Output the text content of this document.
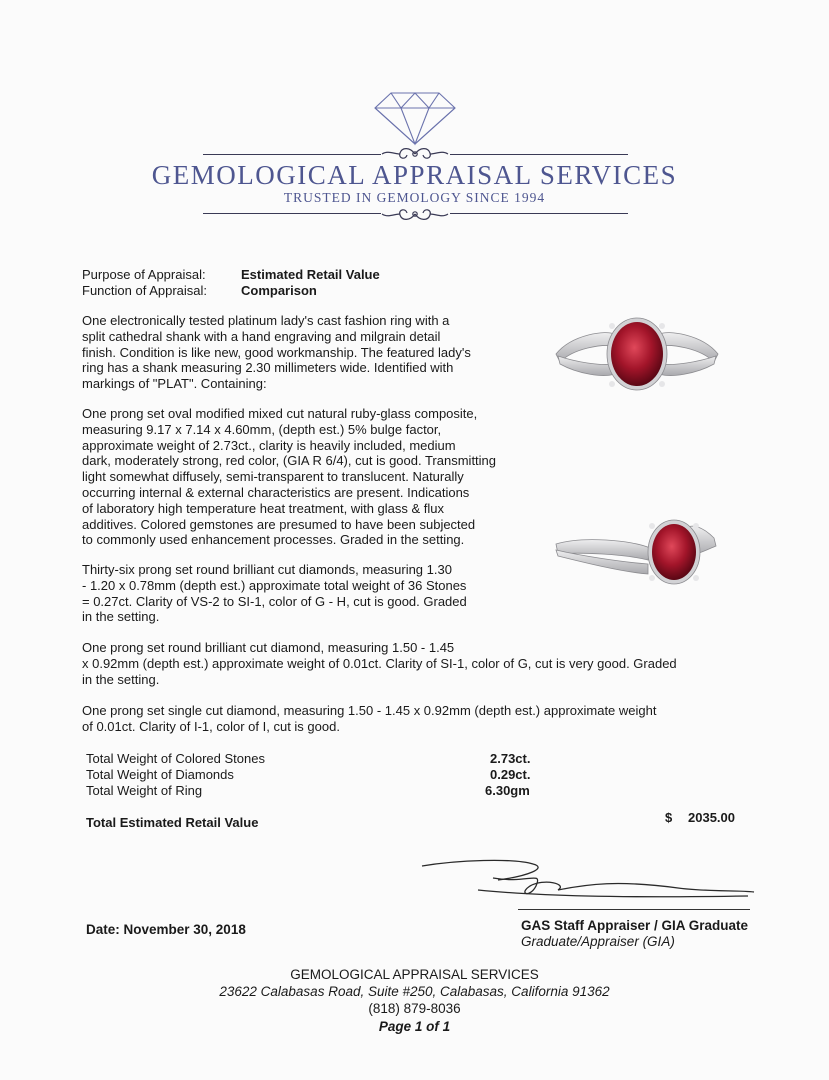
GEMOLOGICAL APPRAISAL SERVICES
TRUSTED IN GEMOLOGY SINCE 1994
Purpose of Appraisal:	Estimated Retail Value
Function of Appraisal:	Comparison
One electronically tested platinum lady's cast fashion ring with a
split cathedral shank with a hand engraving and milgrain detail
finish. Condition is like new, good workmanship. The featured lady's
ring has a shank measuring 2.30 millimeters wide. Identified with
markings of "PLAT". Containing:
One prong set oval modified mixed cut natural ruby-glass composite,
measuring 9.17 x 7.14 x 4.60mm, (depth est.) 5% bulge factor,
approximate weight of 2.73ct., clarity is heavily included, medium
dark, moderately strong, red color, (GIA R 6/4), cut is good. Transmitting
light somewhat diffusely, semi-transparent to translucent. Naturally
occurring internal & external characteristics are present. Indications
of laboratory high temperature heat treatment, with glass & flux
additives. Colored gemstones are presumed to have been subjected
to commonly used enhancement processes. Graded in the setting.
Thirty-six prong set round brilliant cut diamonds, measuring 1.30
- 1.20 x 0.78mm (depth est.) approximate total weight of 36 Stones
= 0.27ct. Clarity of VS-2 to SI-1, color of G - H, cut is good. Graded
in the setting.
One prong set round brilliant cut diamond, measuring 1.50 - 1.45
x 0.92mm (depth est.) approximate weight of 0.01ct. Clarity of SI-1, color of G, cut is very good. Graded
in the setting.
One prong set single cut diamond, measuring 1.50 - 1.45 x 0.92mm (depth est.) approximate weight
of 0.01ct. Clarity of I-1, color of I, cut is good.
Total Weight of Colored Stones	2.73ct.
Total Weight of Diamonds	0.29ct.
Total Weight of Ring	6.30gm
Total Estimated Retail Value	$ 2035.00
Date: November 30, 2018	GAS Staff Appraiser / GIA Graduate
Graduate/Appraiser (GIA)
GEMOLOGICAL APPRAISAL SERVICES
23622 Calabasas Road, Suite #250, Calabasas, California 91362
(818) 879-8036
Page 1 of 1
